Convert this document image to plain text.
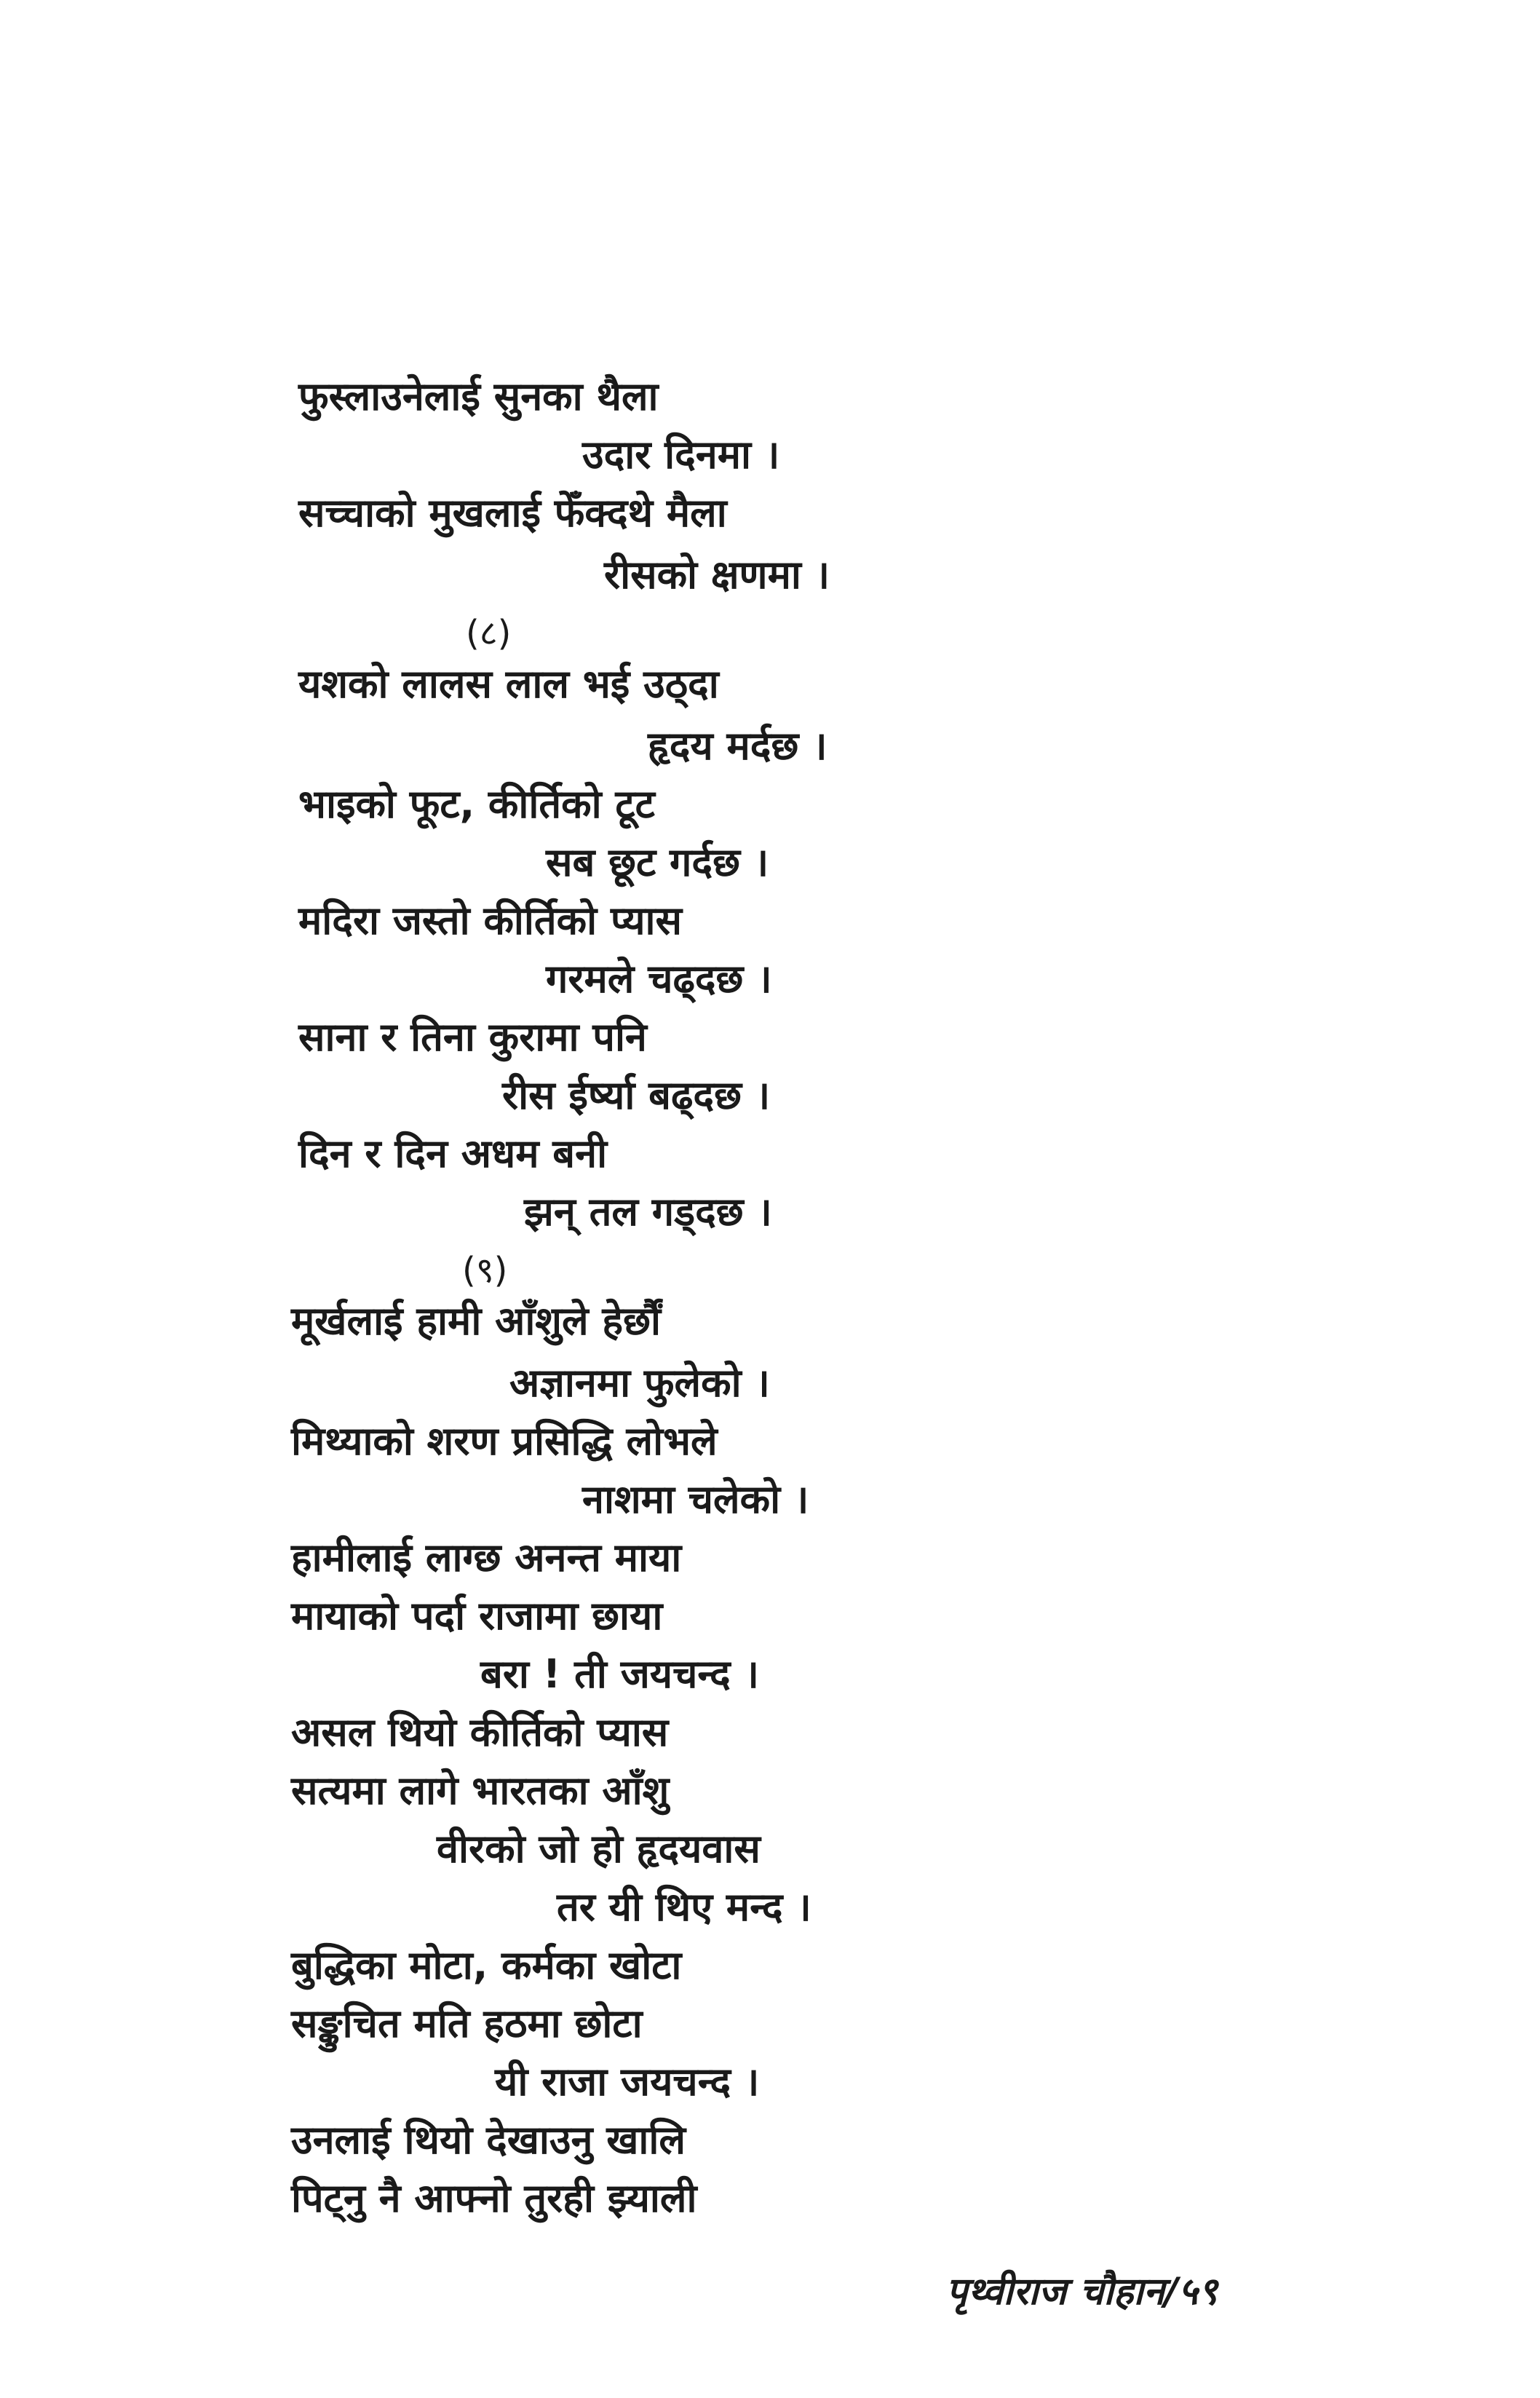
फुस्लाउनेलाई सुनका थैला
उदार दिनमा ।
सच्चाको मुखलाई फेँक्दथे मैला
रीसको क्षणमा ।
(८)
यशको लालस लाल भई उठ्दा
हृदय मर्दछ ।
भाइको फूट, कीर्तिको टूट
सब छूट गर्दछ ।
मदिरा जस्तो कीर्तिको प्यास
गरमले चढ्दछ ।
साना र तिना कुरामा पनि
रीस ईर्ष्या बढ्दछ ।
दिन र दिन अधम बनी
झन् तल गड्दछ ।
(९)
मूर्खलाई हामी आँशुले हेर्छौं
अज्ञानमा फुलेको ।
मिथ्याको शरण प्रसिद्धि लोभले
नाशमा चलेको ।
हामीलाई लाग्छ अनन्त माया
मायाको पर्दा राजामा छाया
बरा ! ती जयचन्द ।
असल थियो कीर्तिको प्यास
सत्यमा लागे भारतका आँशु
वीरको जो हो हृदयवास
तर यी थिए मन्द ।
बुद्धिका मोटा, कर्मका खोटा
सङ्कुचित मति हठमा छोटा
यी राजा जयचन्द ।
उनलाई थियो देखाउनु खालि
पिट्नु नै आफ्नो तुरही झ्याली
पृथ्वीराज चौहान/५९
